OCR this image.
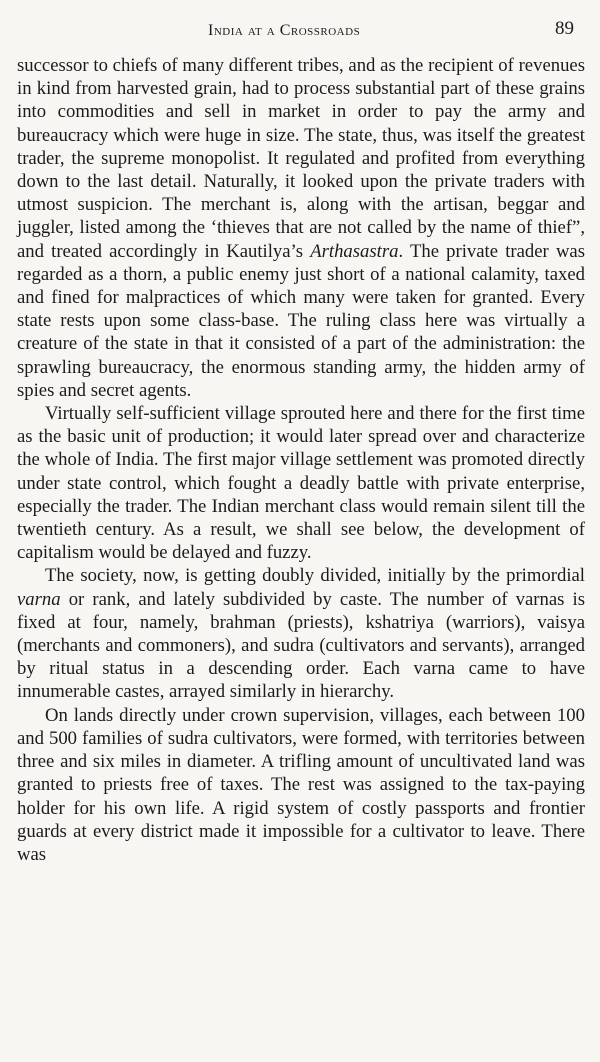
India at a Crossroads	89

successor to chiefs of many different tribes, and as the recipient of revenues in kind from harvested grain, had to process substantial part of these grains into commodities and sell in market in order to pay the army and bureaucracy which were huge in size. The state, thus, was itself the greatest trader, the supreme monopolist. It regulated and profited from everything down to the last detail. Naturally, it looked upon the private traders with utmost suspicion. The merchant is, along with the artisan, beggar and juggler, listed among the ‘thieves that are not called by the name of thief”, and treated accordingly in Kautilya’s Arthasastra. The private trader was regarded as a thorn, a public enemy just short of a national calamity, taxed and fined for malpractices of which many were taken for granted. Every state rests upon some class-base. The ruling class here was virtually a creature of the state in that it consisted of a part of the administration: the sprawling bureaucracy, the enormous standing army, the hidden army of spies and secret agents.

Virtually self-sufficient village sprouted here and there for the first time as the basic unit of production; it would later spread over and characterize the whole of India. The first major village settlement was promoted directly under state control, which fought a deadly battle with private enterprise, especially the trader. The Indian merchant class would remain silent till the twentieth century. As a result, we shall see below, the development of capitalism would be delayed and fuzzy.

The society, now, is getting doubly divided, initially by the primordial varna or rank, and lately subdivided by caste. The number of varnas is fixed at four, namely, brahman (priests), kshatriya (warriors), vaisya (merchants and commoners), and sudra (cultivators and servants), arranged by ritual status in a descending order. Each varna came to have innumerable castes, arrayed similarly in hierarchy.

On lands directly under crown supervision, villages, each between 100 and 500 families of sudra cultivators, were formed, with territories between three and six miles in diameter. A trifling amount of uncultivated land was granted to priests free of taxes. The rest was assigned to the tax-paying holder for his own life. A rigid system of costly passports and frontier guards at every district made it impossible for a cultivator to leave. There was
